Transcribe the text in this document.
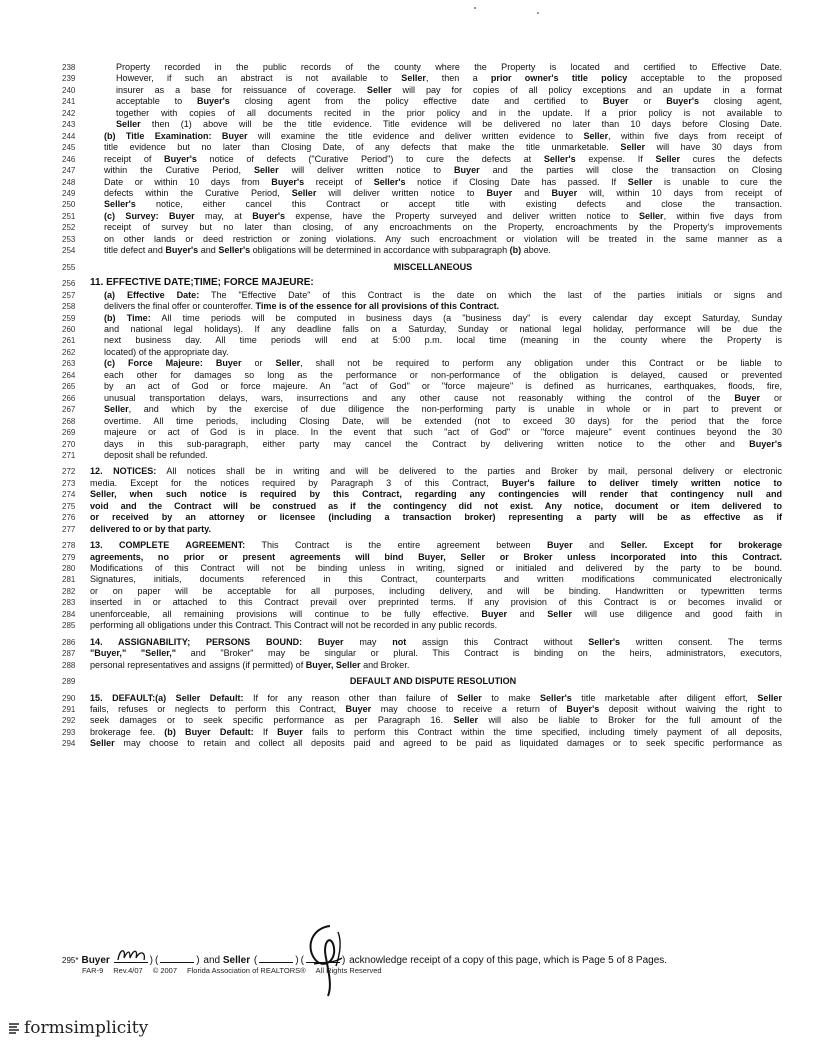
238	Property recorded in the public records of the county where the Property is located and certified to Effective Date.
239	However, if such an abstract is not available to Seller, then a prior owner's title policy acceptable to the proposed
240	insurer as a base for reissuance of coverage. Seller will pay for copies of all policy exceptions and an update in a format
241	acceptable to Buyer's closing agent from the policy effective date and certified to Buyer or Buyer's closing agent,
242	together with copies of all documents recited in the prior policy and in the update. If a prior policy is not available to
243	Seller then (1) above will be the title evidence. Title evidence will be delivered no later than 10 days before Closing Date.
244	(b) Title Examination: Buyer will examine the title evidence and deliver written evidence to Seller, within five days from receipt of
245	title evidence but no later than Closing Date, of any defects that make the title unmarketable. Seller will have 30 days from
246	receipt of Buyer's notice of defects ("Curative Period") to cure the defects at Seller's expense. If Seller cures the defects
247	within the Curative Period, Seller will deliver written notice to Buyer and the parties will close the transaction on Closing
248	Date or within 10 days from Buyer's receipt of Seller's notice if Closing Date has passed. If Seller is unable to cure the
249	defects within the Curative Period, Seller will deliver written notice to Buyer and Buyer will, within 10 days from receipt of
250	Seller's notice, either cancel this Contract or accept title with existing defects and close the transaction.
251	(c) Survey: Buyer may, at Buyer's expense, have the Property surveyed and deliver written notice to Seller, within five days from
252	receipt of survey but no later than closing, of any encroachments on the Property, encroachments by the Property's improvements
253	on other lands or deed restriction or zoning violations. Any such encroachment or violation will be treated in the same manner as a
254	title defect and Buyer's and Seller's obligations will be determined in accordance with subparagraph (b) above.
255	MISCELLANEOUS
256	11. EFFECTIVE DATE;TIME; FORCE MAJEURE:
257	(a) Effective Date: The "Effective Date" of this Contract is the date on which the last of the parties initials or signs and
258	delivers the final offer or counteroffer. Time is of the essence for all provisions of this Contract.
259	(b) Time: All time periods will be computed in business days (a "business day" is every calendar day except Saturday, Sunday
260	and national legal holidays). If any deadline falls on a Saturday, Sunday or national legal holiday, performance will be due the
261	next business day. All time periods will end at 5:00 p.m. local time (meaning in the county where the Property is
262	located) of the appropriate day.
263	(c) Force Majeure: Buyer or Seller, shall not be required to perform any obligation under this Contract or be liable to
264	each other for damages so long as the performance or non-performance of the obligation is delayed, caused or prevented
265	by an act of God or force majeure. An "act of God" or "force majeure" is defined as hurricanes, earthquakes, floods, fire,
266	unusual transportation delays, wars, insurrections and any other cause not reasonably withing the control of the Buyer or
267	Seller, and which by the exercise of due diligence the non-performing party is unable in whole or in part to prevent or
268	overtime. All time periods, including Closing Date, will be extended (not to exceed 30 days) for the period that the force
269	majeure or act of God is in place. In the event that such "act of God" or "force majeure" event continues beyond the 30
270	days in this sub-paragraph, either party may cancel the Contract by delivering written notice to the other and Buyer's
271	deposit shall be refunded.
272	12. NOTICES: All notices shall be in writing and will be delivered to the parties and Broker by mail, personal delivery or electronic
273	media. Except for the notices required by Paragraph 3 of this Contract, Buyer's failure to deliver timely written notice to
274	Seller, when such notice is required by this Contract, regarding any contingencies will render that contingency null and
275	void and the Contract will be construed as if the contingency did not exist. Any notice, document or item delivered to
276	or received by an attorney or licensee (including a transaction broker) representing a party will be as effective as if
277	delivered to or by that party.
278	13. COMPLETE AGREEMENT: This Contract is the entire agreement between Buyer and Seller. Except for brokerage
279	agreements, no prior or present agreements will bind Buyer, Seller or Broker unless incorporated into this Contract.
280	Modifications of this Contract will not be binding unless in writing, signed or initialed and delivered by the party to be bound.
281	Signatures, initials, documents referenced in this Contract, counterparts and written modifications communicated electronically
282	or on paper will be acceptable for all purposes, including delivery, and will be binding. Handwritten or typewritten terms
283	inserted in or attached to this Contract prevail over preprinted terms. If any provision of this Contract is or becomes invalid or
284	unenforceable, all remaining provisions will continue to be fully effective. Buyer and Seller will use diligence and good faith in
285	performing all obligations under this Contract. This Contract will not be recorded in any public records.
286	14. ASSIGNABILITY; PERSONS BOUND: Buyer may not assign this Contract without Seller's written consent. The terms
287	"Buyer," "Seller," and "Broker" may be singular or plural. This Contract is binding on the heirs, administrators, executors,
288	personal representatives and assigns (if permitted) of Buyer, Seller and Broker.
289	DEFAULT AND DISPUTE RESOLUTION
290	15. DEFAULT:(a) Seller Default: If for any reason other than failure of Seller to make Seller's title marketable after diligent effort, Seller
291	fails, refuses or neglects to perform this Contract, Buyer may choose to receive a return of Buyer's deposit without waiving the right to
292	seek damages or to seek specific performance as per Paragraph 16. Seller will also be liable to Broker for the full amount of the
293	brokerage fee. (b) Buyer Default: If Buyer fails to perform this Contract within the time specified, including timely payment of all deposits,
294	Seller may choose to retain and collect all deposits paid and agreed to be paid as liquidated damages or to seek specific performance as
295* Buyer
	) (	)
and
Seller
(	) (	)
acknowledge receipt of a copy of this page, which is Page 5 of 8 Pages.
FAR-9 Rev.4/07 © 2007 Florida Association of REALTORS® All Rights Reserved
formsimplicity
